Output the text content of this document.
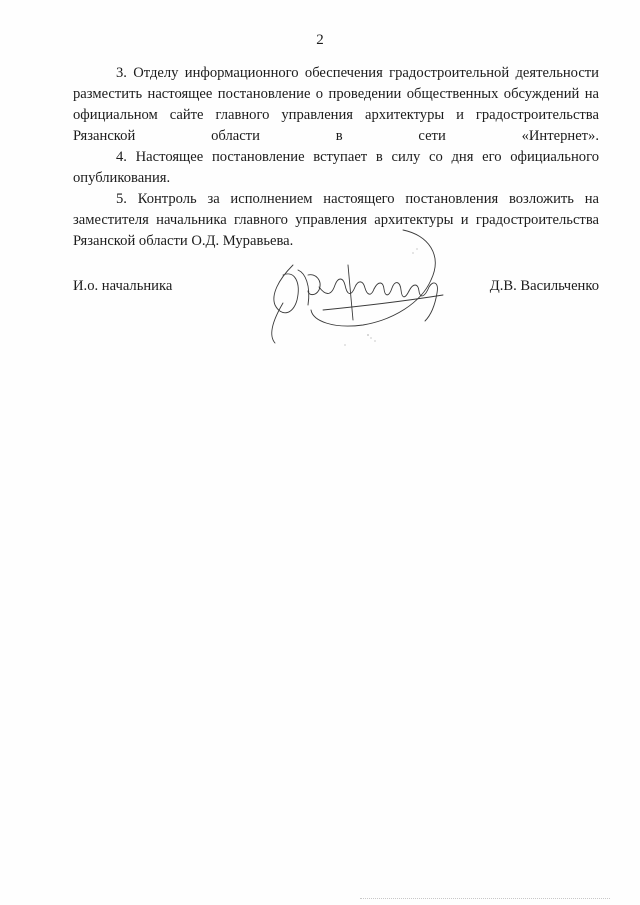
2

3. Отделу информационного обеспечения градостроительной деятельности разместить настоящее постановление о проведении общественных обсуждений на официальном сайте главного управления архитектуры и градостроительства Рязанской области в сети «Интернет».

4. Настоящее постановление вступает в силу со дня его официального опубликования.

5. Контроль за исполнением настоящего постановления возложить на заместителя начальника главного управления архитектуры и градостроительства Рязанской области О.Д. Муравьева.

И.о. начальника	Д.В. Васильченко
